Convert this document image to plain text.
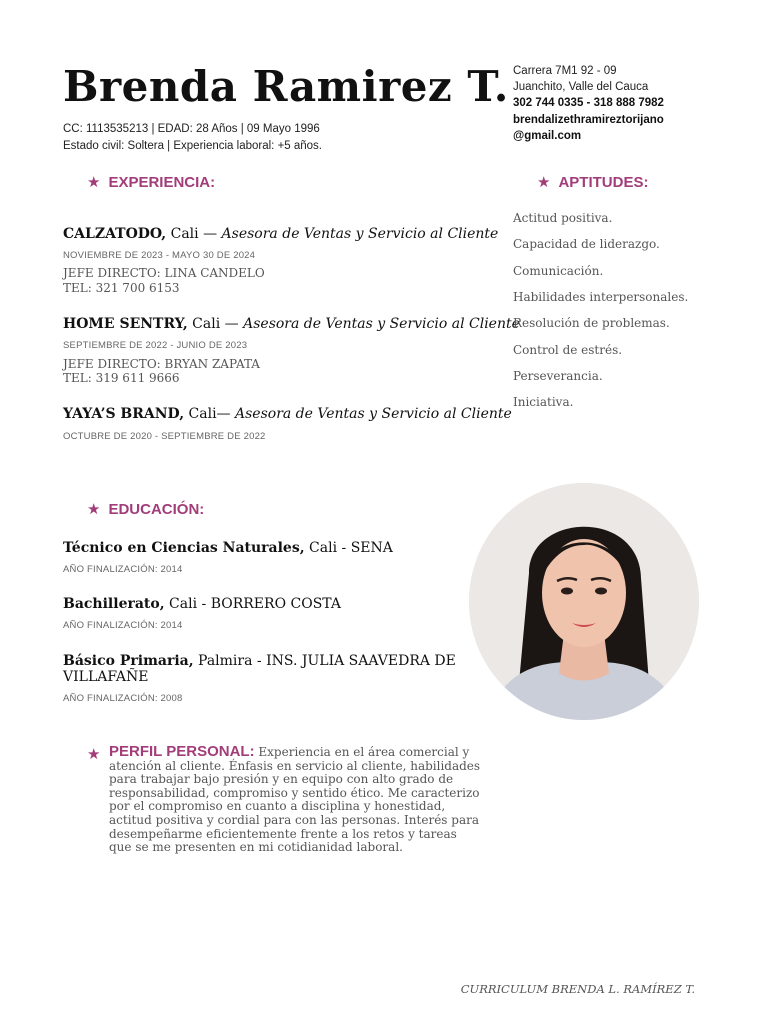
Brenda Ramirez T.
CC: 1113535213 | EDAD: 28 Años | 09 Mayo 1996
Estado civil: Soltera | Experiencia laboral: +5 años.
Carrera 7M1 92 - 09
Juanchito, Valle del Cauca
302 744 0335 - 318 888 7982
brendalizethramireztorijano
@gmail.com
★ EXPERIENCIA:
CALZATODO, Cali — Asesora de Ventas y Servicio al Cliente
NOVIEMBRE DE 2023 - MAYO 30 DE 2024
JEFE DIRECTO: LINA CANDELO
TEL: 321 700 6153
HOME SENTRY, Cali — Asesora de Ventas y Servicio al Cliente
SEPTIEMBRE DE 2022 - JUNIO DE 2023
JEFE DIRECTO: BRYAN ZAPATA
TEL: 319 611 9666
YAYA’S BRAND, Cali— Asesora de Ventas y Servicio al Cliente
OCTUBRE DE 2020 - SEPTIEMBRE DE 2022
★ APTITUDES:
Actitud positiva.
Capacidad de liderazgo.
Comunicación.
Habilidades interpersonales.
Resolución de problemas.
Control de estrés.
Perseverancia.
Iniciativa.
★ EDUCACIÓN:
Técnico en Ciencias Naturales, Cali - SENA
AÑO FINALIZACIÓN: 2014
Bachillerato, Cali - BORRERO COSTA
AÑO FINALIZACIÓN: 2014
Básico Primaria, Palmira - INS. JULIA SAAVEDRA DE
VILLAFAÑE
AÑO FINALIZACIÓN: 2008
★ PERFIL PERSONAL: Experiencia en el área comercial y atención al cliente. Énfasis en servicio al cliente, habilidades para trabajar bajo presión y en equipo con alto grado de responsabilidad, compromiso y sentido ético. Me caracterizo por el compromiso en cuanto a disciplina y honestidad, actitud positiva y cordial para con las personas. Interés para desempeñarme eficientemente frente a los retos y tareas que se me presenten en mi cotidianidad laboral.
CURRICULUM BRENDA L. RAMÍREZ T.
